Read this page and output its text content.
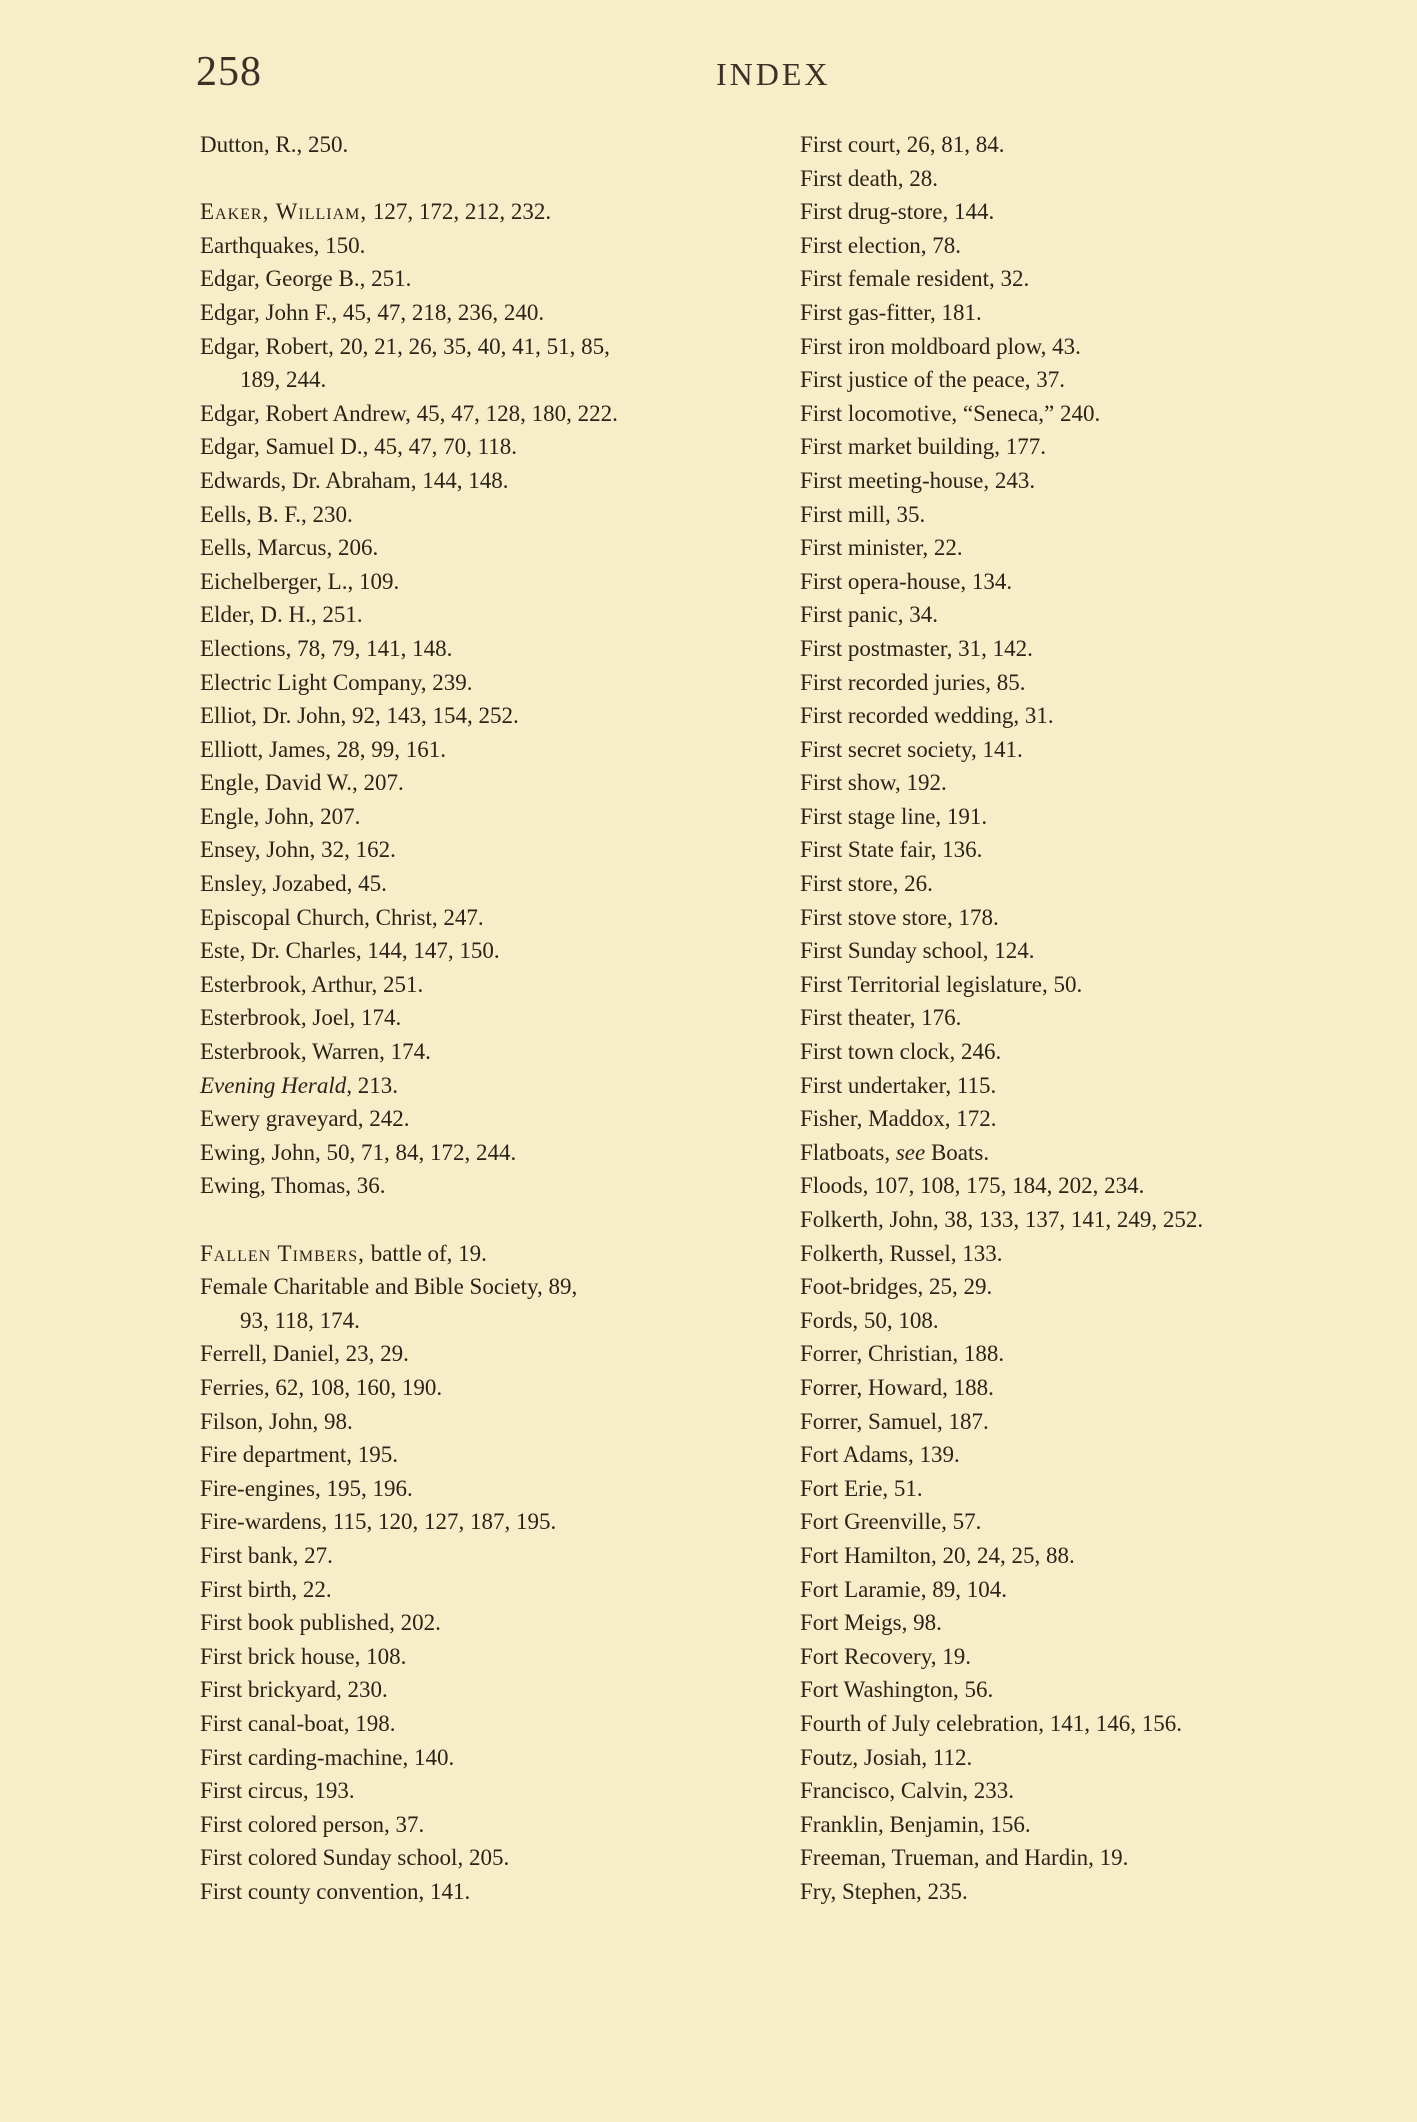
258	INDEX
Dutton, R., 250.
Eaker, William, 127, 172, 212, 232.
Earthquakes, 150.
Edgar, George B., 251.
Edgar, John F., 45, 47, 218, 236, 240.
Edgar, Robert, 20, 21, 26, 35, 40, 41, 51, 85,
189, 244.
Edgar, Robert Andrew, 45, 47, 128, 180, 222.
Edgar, Samuel D., 45, 47, 70, 118.
Edwards, Dr. Abraham, 144, 148.
Eells, B. F., 230.
Eells, Marcus, 206.
Eichelberger, L., 109.
Elder, D. H., 251.
Elections, 78, 79, 141, 148.
Electric Light Company, 239.
Elliot, Dr. John, 92, 143, 154, 252.
Elliott, James, 28, 99, 161.
Engle, David W., 207.
Engle, John, 207.
Ensey, John, 32, 162.
Ensley, Jozabed, 45.
Episcopal Church, Christ, 247.
Este, Dr. Charles, 144, 147, 150.
Esterbrook, Arthur, 251.
Esterbrook, Joel, 174.
Esterbrook, Warren, 174.
Evening Herald, 213.
Ewery graveyard, 242.
Ewing, John, 50, 71, 84, 172, 244.
Ewing, Thomas, 36.
Fallen Timbers, battle of, 19.
Female Charitable and Bible Society, 89,
93, 118, 174.
Ferrell, Daniel, 23, 29.
Ferries, 62, 108, 160, 190.
Filson, John, 98.
Fire department, 195.
Fire-engines, 195, 196.
Fire-wardens, 115, 120, 127, 187, 195.
First bank, 27.
First birth, 22.
First book published, 202.
First brick house, 108.
First brickyard, 230.
First canal-boat, 198.
First carding-machine, 140.
First circus, 193.
First colored person, 37.
First colored Sunday school, 205.
First county convention, 141.
First court, 26, 81, 84.
First death, 28.
First drug-store, 144.
First election, 78.
First female resident, 32.
First gas-fitter, 181.
First iron moldboard plow, 43.
First justice of the peace, 37.
First locomotive, “Seneca,” 240.
First market building, 177.
First meeting-house, 243.
First mill, 35.
First minister, 22.
First opera-house, 134.
First panic, 34.
First postmaster, 31, 142.
First recorded juries, 85.
First recorded wedding, 31.
First secret society, 141.
First show, 192.
First stage line, 191.
First State fair, 136.
First store, 26.
First stove store, 178.
First Sunday school, 124.
First Territorial legislature, 50.
First theater, 176.
First town clock, 246.
First undertaker, 115.
Fisher, Maddox, 172.
Flatboats, see Boats.
Floods, 107, 108, 175, 184, 202, 234.
Folkerth, John, 38, 133, 137, 141, 249, 252.
Folkerth, Russel, 133.
Foot-bridges, 25, 29.
Fords, 50, 108.
Forrer, Christian, 188.
Forrer, Howard, 188.
Forrer, Samuel, 187.
Fort Adams, 139.
Fort Erie, 51.
Fort Greenville, 57.
Fort Hamilton, 20, 24, 25, 88.
Fort Laramie, 89, 104.
Fort Meigs, 98.
Fort Recovery, 19.
Fort Washington, 56.
Fourth of July celebration, 141, 146, 156.
Foutz, Josiah, 112.
Francisco, Calvin, 233.
Franklin, Benjamin, 156.
Freeman, Trueman, and Hardin, 19.
Fry, Stephen, 235.
